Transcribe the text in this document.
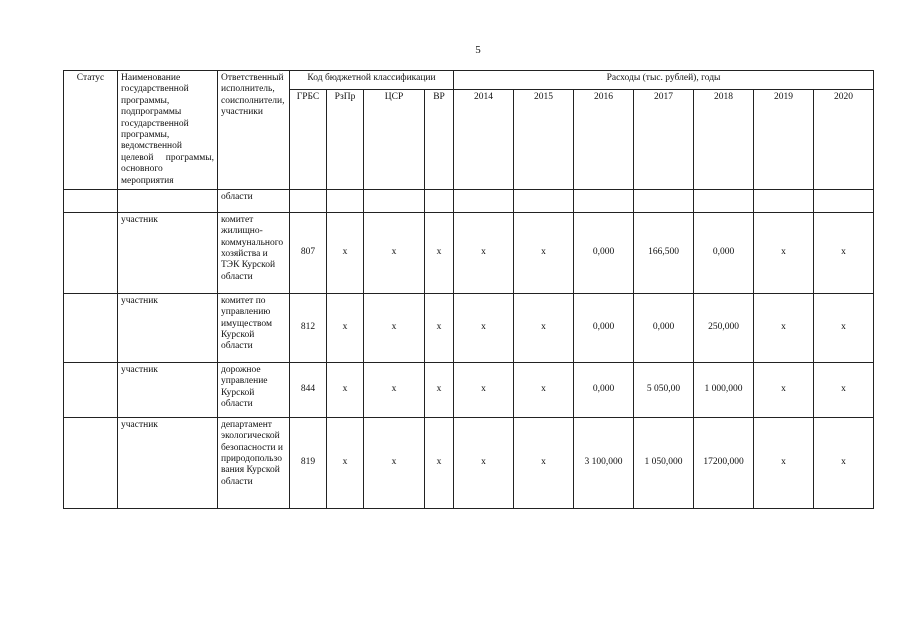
5
Статус	Наименование государственной программы, подпрограммы государственной программы, ведомственной целевой программы, основного мероприятия	Ответственный исполнитель, соисполнители, участники	Код бюджетной классификации				Расходы (тыс. рублей), годы						
			ГРБС	РзПр	ЦСР	ВР	2014	2015	2016	2017	2018	2019	2020
		области											
	участник	комитет жилищно-коммунального хозяйства и ТЭК Курской области	807	x	x	x	x	x	0,000	166,500	0,000	x	x
	участник	комитет по управлению имуществом Курской области	812	x	x	x	x	x	0,000	0,000	250,000	x	x
	участник	дорожное управление Курской области	844	x	x	x	x	x	0,000	5 050,00	1 000,000	x	x
	участник	департамент экологической безопасности и природопользования Курской области	819	x	x	x	x	x	3 100,000	1 050,000	17200,000	x	x
